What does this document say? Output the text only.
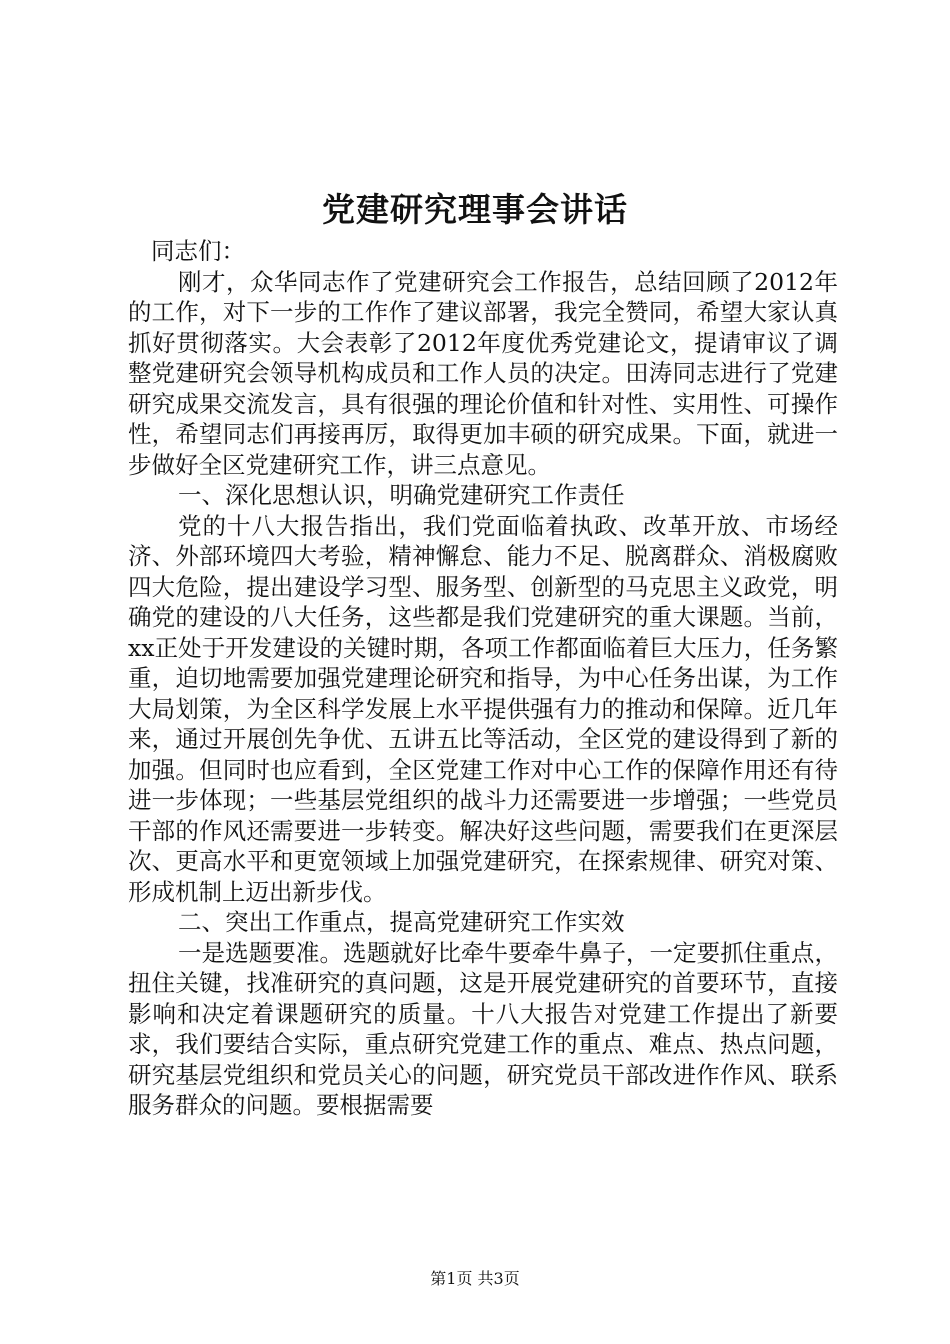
党建研究理事会讲话

同志们：

刚才，众华同志作了党建研究会工作报告，总结回顾了2012年的工作，对下一步的工作作了建议部署，我完全赞同，希望大家认真抓好贯彻落实。大会表彰了2012年度优秀党建论文，提请审议了调整党建研究会领导机构成员和工作人员的决定。田涛同志进行了党建研究成果交流发言，具有很强的理论价值和针对性、实用性、可操作性，希望同志们再接再厉，取得更加丰硕的研究成果。下面，就进一步做好全区党建研究工作，讲三点意见。

一、深化思想认识，明确党建研究工作责任

党的十八大报告指出，我们党面临着执政、改革开放、市场经济、外部环境四大考验，精神懈怠、能力不足、脱离群众、消极腐败四大危险，提出建设学习型、服务型、创新型的马克思主义政党，明确党的建设的八大任务，这些都是我们党建研究的重大课题。当前，xx正处于开发建设的关键时期，各项工作都面临着巨大压力，任务繁重，迫切地需要加强党建理论研究和指导，为中心任务出谋，为工作大局划策，为全区科学发展上水平提供强有力的推动和保障。近几年来，通过开展创先争优、五讲五比等活动，全区党的建设得到了新的加强。但同时也应看到，全区党建工作对中心工作的保障作用还有待进一步体现；一些基层党组织的战斗力还需要进一步增强；一些党员干部的作风还需要进一步转变。解决好这些问题，需要我们在更深层次、更高水平和更宽领域上加强党建研究，在探索规律、研究对策、形成机制上迈出新步伐。

二、突出工作重点，提高党建研究工作实效

一是选题要准。选题就好比牵牛要牵牛鼻子，一定要抓住重点，扭住关键，找准研究的真问题，这是开展党建研究的首要环节，直接影响和决定着课题研究的质量。十八大报告对党建工作提出了新要求，我们要结合实际，重点研究党建工作的重点、难点、热点问题，研究基层党组织和党员关心的问题，研究党员干部改进作作风、联系服务群众的问题。要根据需要

第1页 共3页
